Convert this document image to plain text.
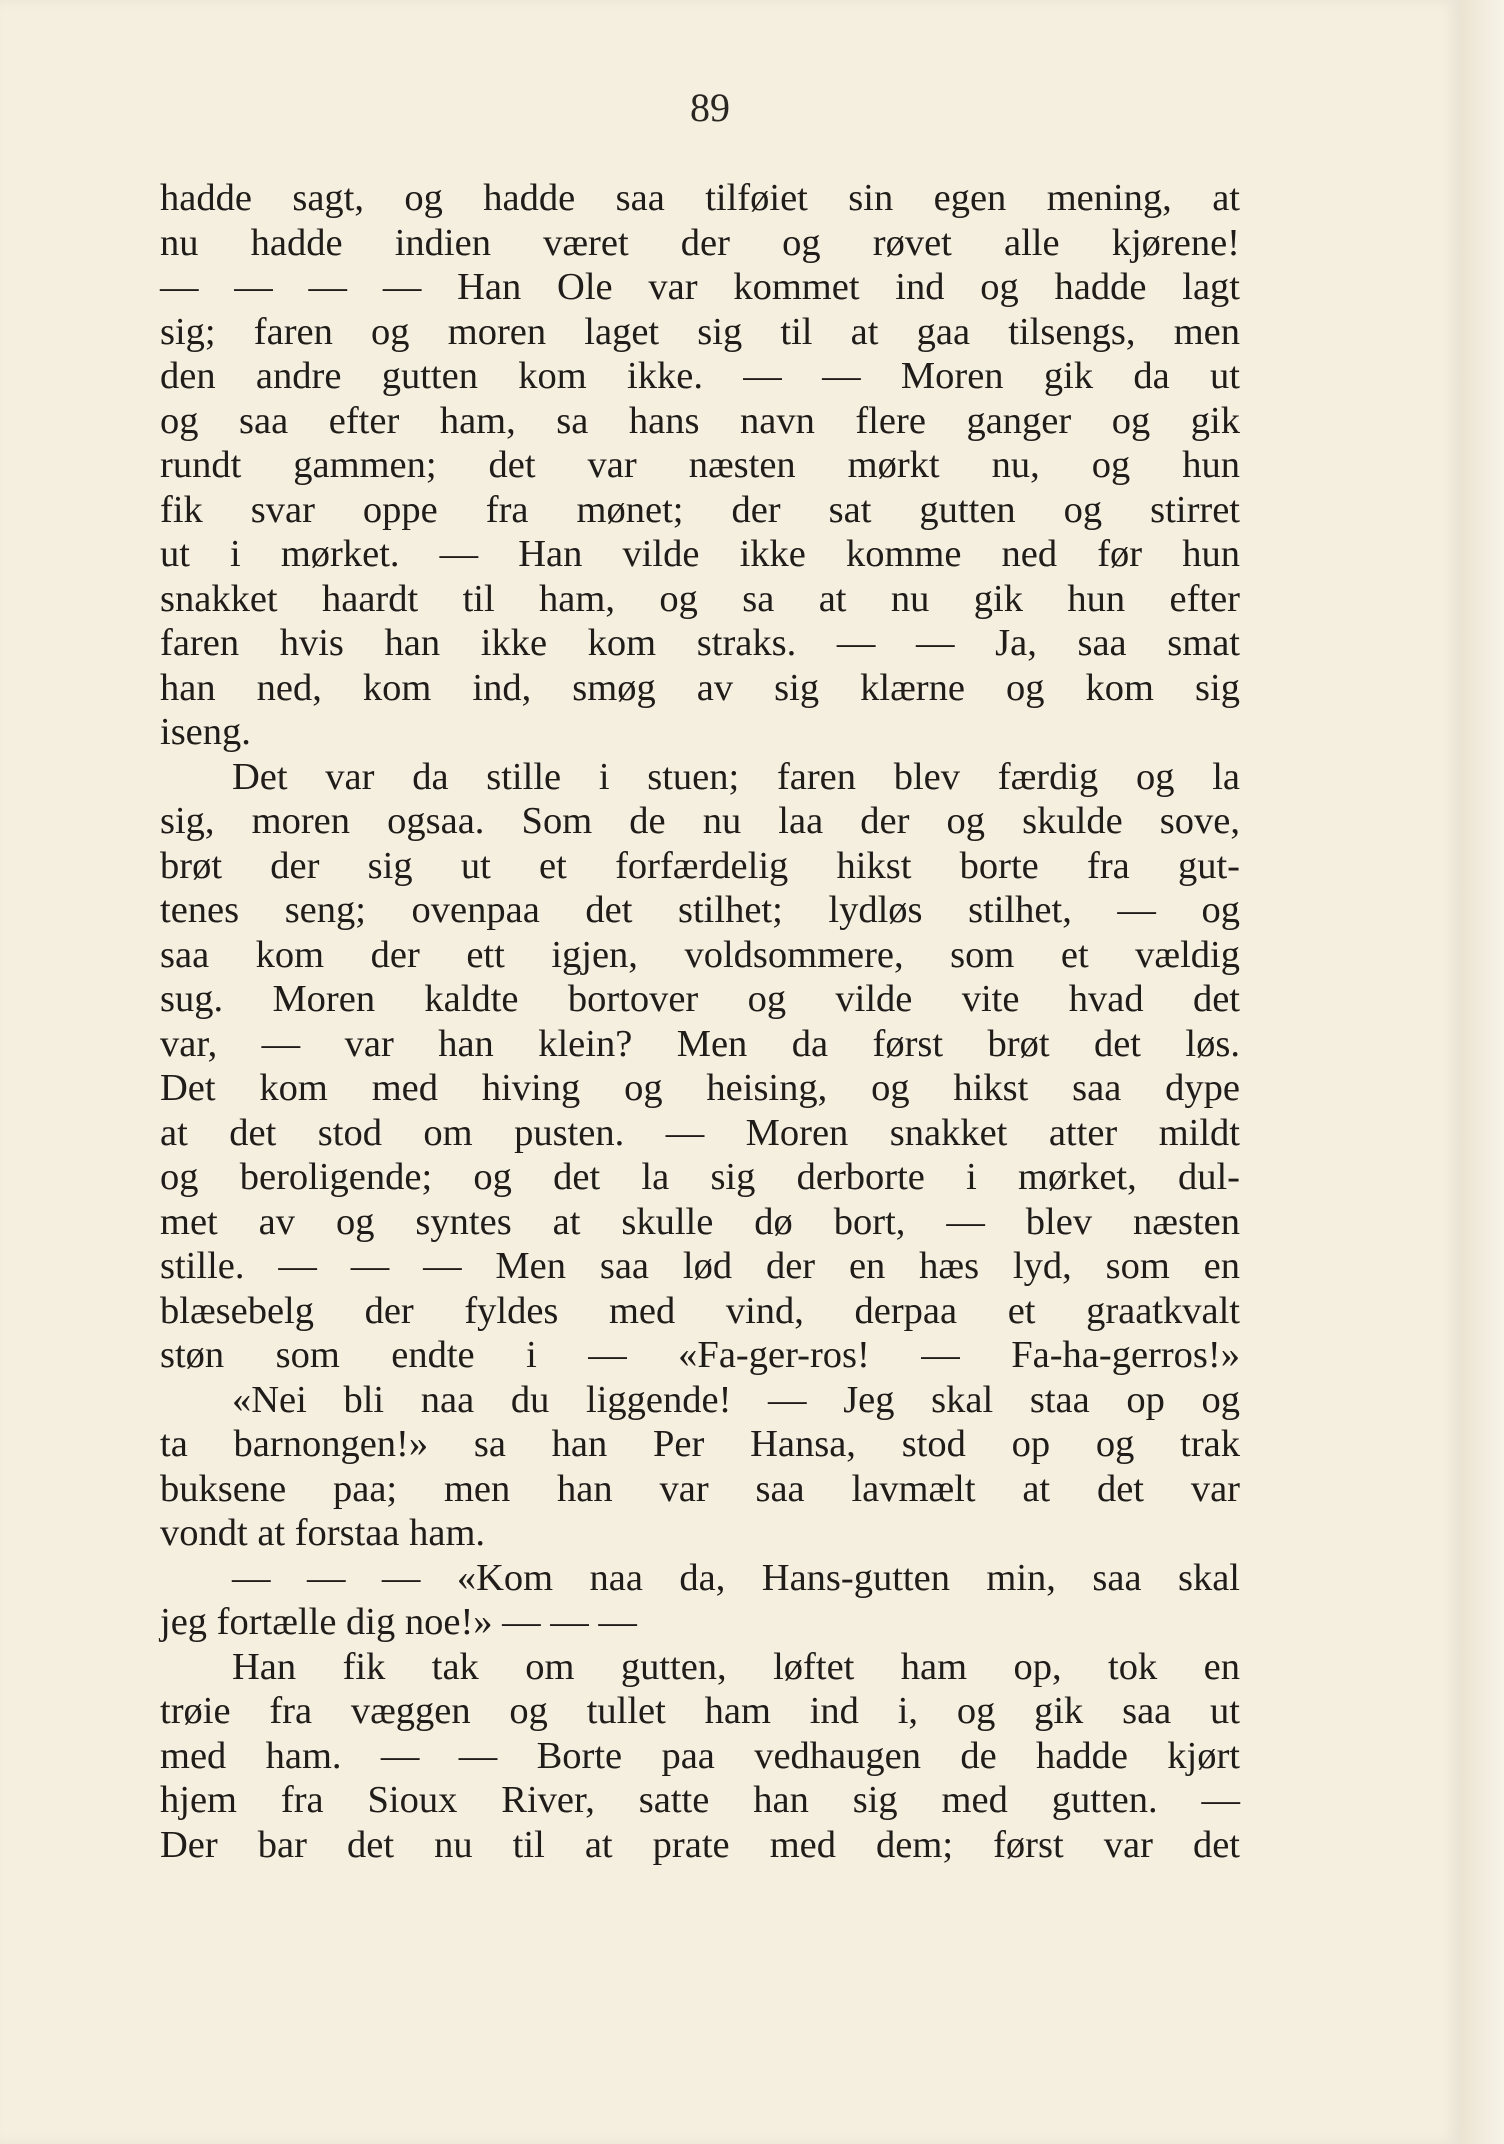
89
hadde sagt, og hadde saa tilføiet sin egen mening, at
nu hadde indien været der og røvet alle kjørene!
— — — — Han Ole var kommet ind og hadde lagt
sig; faren og moren laget sig til at gaa tilsengs, men
den andre gutten kom ikke. — — Moren gik da ut
og saa efter ham, sa hans navn flere ganger og gik
rundt gammen; det var næsten mørkt nu, og hun
fik svar oppe fra mønet; der sat gutten og stirret
ut i mørket. — Han vilde ikke komme ned før hun
snakket haardt til ham, og sa at nu gik hun efter
faren hvis han ikke kom straks. — — Ja, saa smat
han ned, kom ind, smøg av sig klærne og kom sig
iseng.
Det var da stille i stuen; faren blev færdig og la
sig, moren ogsaa. Som de nu laa der og skulde sove,
brøt der sig ut et forfærdelig hikst borte fra gut-
tenes seng; ovenpaa det stilhet; lydløs stilhet, — og
saa kom der ett igjen, voldsommere, som et vældig
sug. Moren kaldte bortover og vilde vite hvad det
var, — var han klein? Men da først brøt det løs.
Det kom med hiving og heising, og hikst saa dype
at det stod om pusten. — Moren snakket atter mildt
og beroligende; og det la sig derborte i mørket, dul-
met av og syntes at skulle dø bort, — blev næsten
stille. — — — Men saa lød der en hæs lyd, som en
blæsebelg der fyldes med vind, derpaa et graatkvalt
støn som endte i — «Fa-ger-ros! — Fa-ha-gerros!»
«Nei bli naa du liggende! — Jeg skal staa op og
ta barnongen!» sa han Per Hansa, stod op og trak
buksene paa; men han var saa lavmælt at det var
vondt at forstaa ham.
— — — «Kom naa da, Hans-gutten min, saa skal
jeg fortælle dig noe!» — — —
Han fik tak om gutten, løftet ham op, tok en
trøie fra væggen og tullet ham ind i, og gik saa ut
med ham. — — Borte paa vedhaugen de hadde kjørt
hjem fra Sioux River, satte han sig med gutten. —
Der bar det nu til at prate med dem; først var det
